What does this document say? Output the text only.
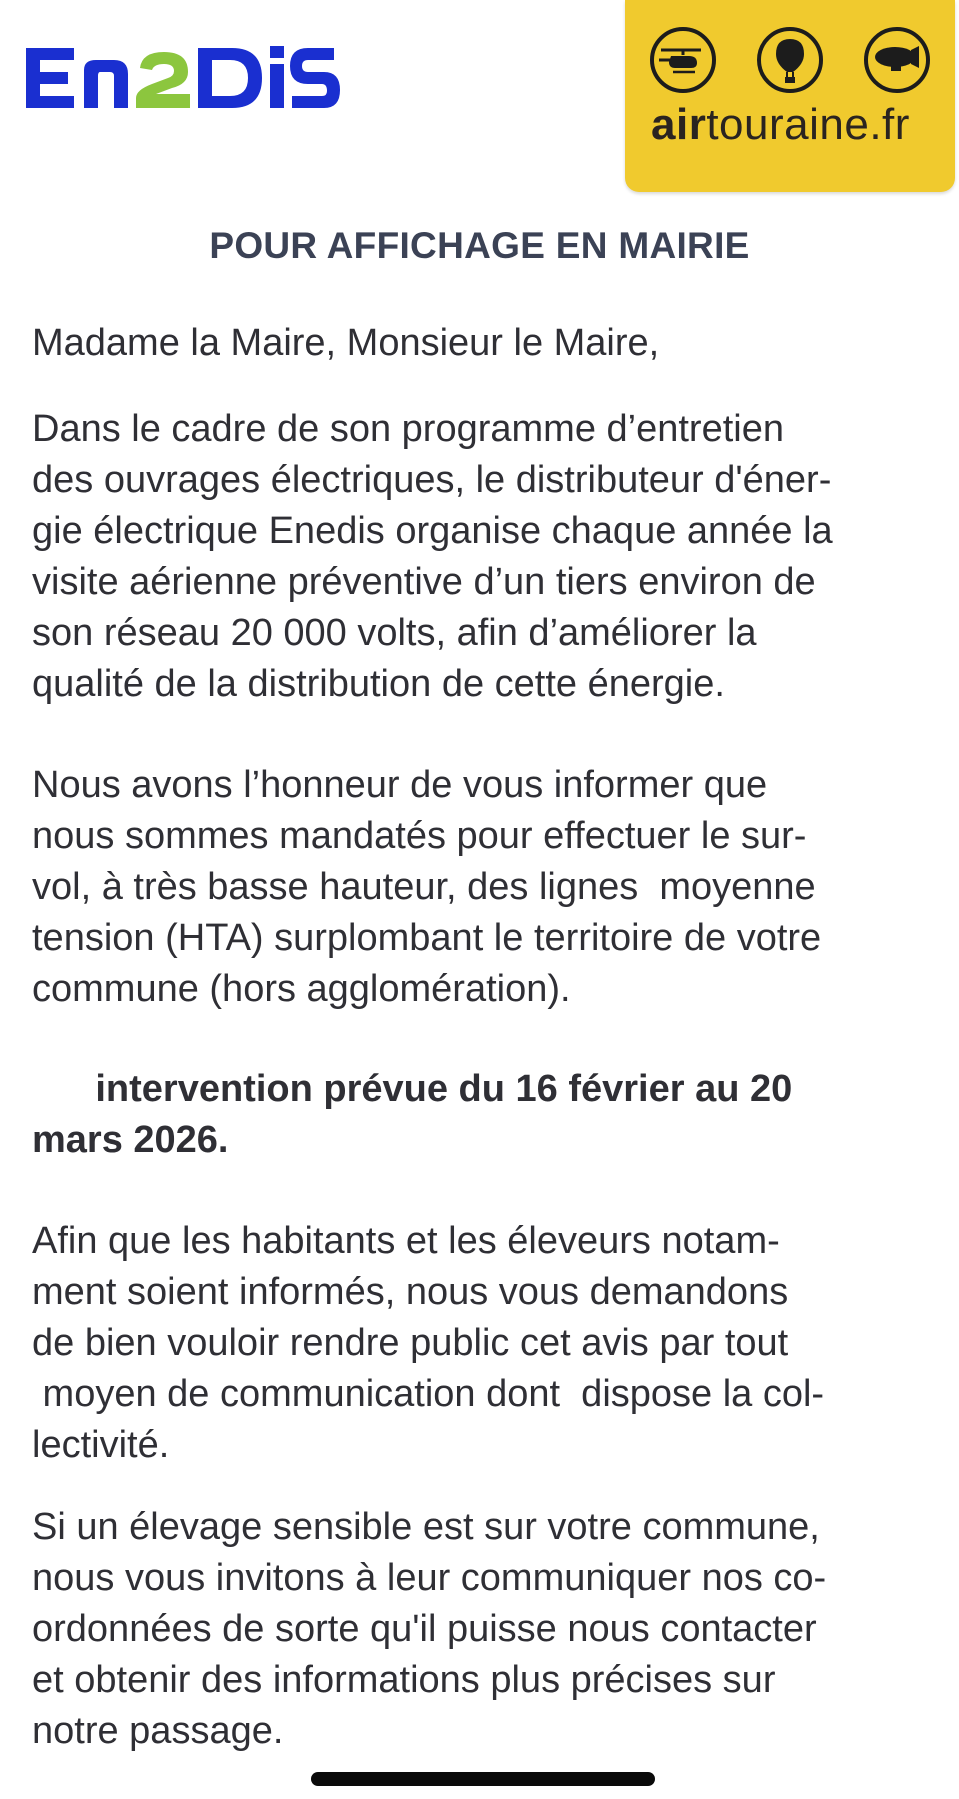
airtouraine.fr
POUR AFFICHAGE EN MAIRIE

Madame la Maire, Monsieur le Maire,

Dans le cadre de son programme d’entretien
des ouvrages électriques, le distributeur d'éner-
gie électrique Enedis organise chaque année la
visite aérienne préventive d’un tiers environ de
son réseau 20 000 volts, afin d’améliorer la
qualité de la distribution de cette énergie.

Nous avons l’honneur de vous informer que
nous sommes mandatés pour effectuer le sur-
vol, à très basse hauteur, des lignes  moyenne
tension (HTA) surplombant le territoire de votre
commune (hors agglomération).

intervention prévue du 16 février au 20
mars 2026.

Afin que les habitants et les éleveurs notam-
ment soient informés, nous vous demandons
de bien vouloir rendre public cet avis par tout
moyen de communication dont  dispose la col-
lectivité.

Si un élevage sensible est sur votre commune,
nous vous invitons à leur communiquer nos co-
ordonnées de sorte qu'il puisse nous contacter
et obtenir des informations plus précises sur
notre passage.
